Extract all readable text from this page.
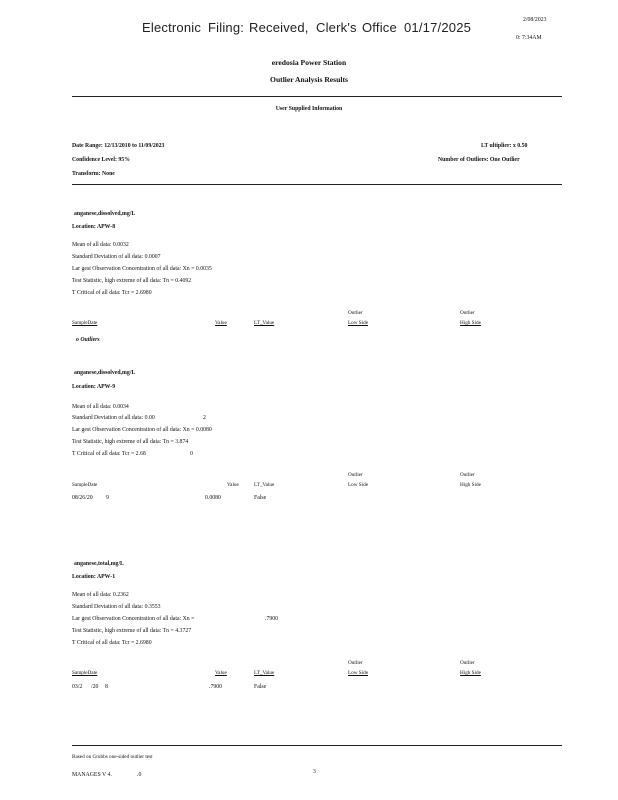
Electronic Filing: Received, Clerk's Office 01/17/2025	2/08/2023
0: 7:34AM
eredosia Power Station
Outlier Analysis Results
User Supplied Information
Date Range: 12/13/2010 to 11/09/2023
Confidence Level: 95%
Transform: None
LT ultiplier: x 0.50
Number of Outliers: One Outlier
anganese,dissolved,mg/L
Location: APW-8
Mean of all data: 0.0032
Standard Deviation of all data: 0.0007
Lar gest Observation Concentration of all data: Xn = 0.0035
Test Statistic, high extreme of all data: Tn = 0.4092
T Critical of all data: Tcr = 2.6980
Outlier	Outlier
SampleDate	Value	LT_Value	Low Side	High Side
o Outliers
anganese,dissolved,mg/L
Location: APW-9
Mean of all data: 0.0034
Standard Deviation of all data: 0.00	2
Lar gest Observation Concentration of all data: Xn = 0.0080
Test Statistic, high extreme of all data: Tn = 3.874
T Critical of all data: Tcr = 2.68	0
Outlier	Outlier
SampleDate	Value	LT_Value	Low Side	High Side
08/26/20 9	0.0080	False
anganese,total,mg/L
Location: APW-1
Mean of all data: 0.2362
Standard Deviation of all data: 0.3553
Lar gest Observation Concentration of all data: Xn =	.7900
Test Statistic, high extreme of all data: Tn = 4.3727
T Critical of all data: Tcr = 2.6980
Outlier	Outlier
SampleDate	Value	LT_Value	Low Side	High Side
03/2 /20 8	.7900	False
Based on Grubbs one-sided outlier test
MANAGES V 4.	.0	3
